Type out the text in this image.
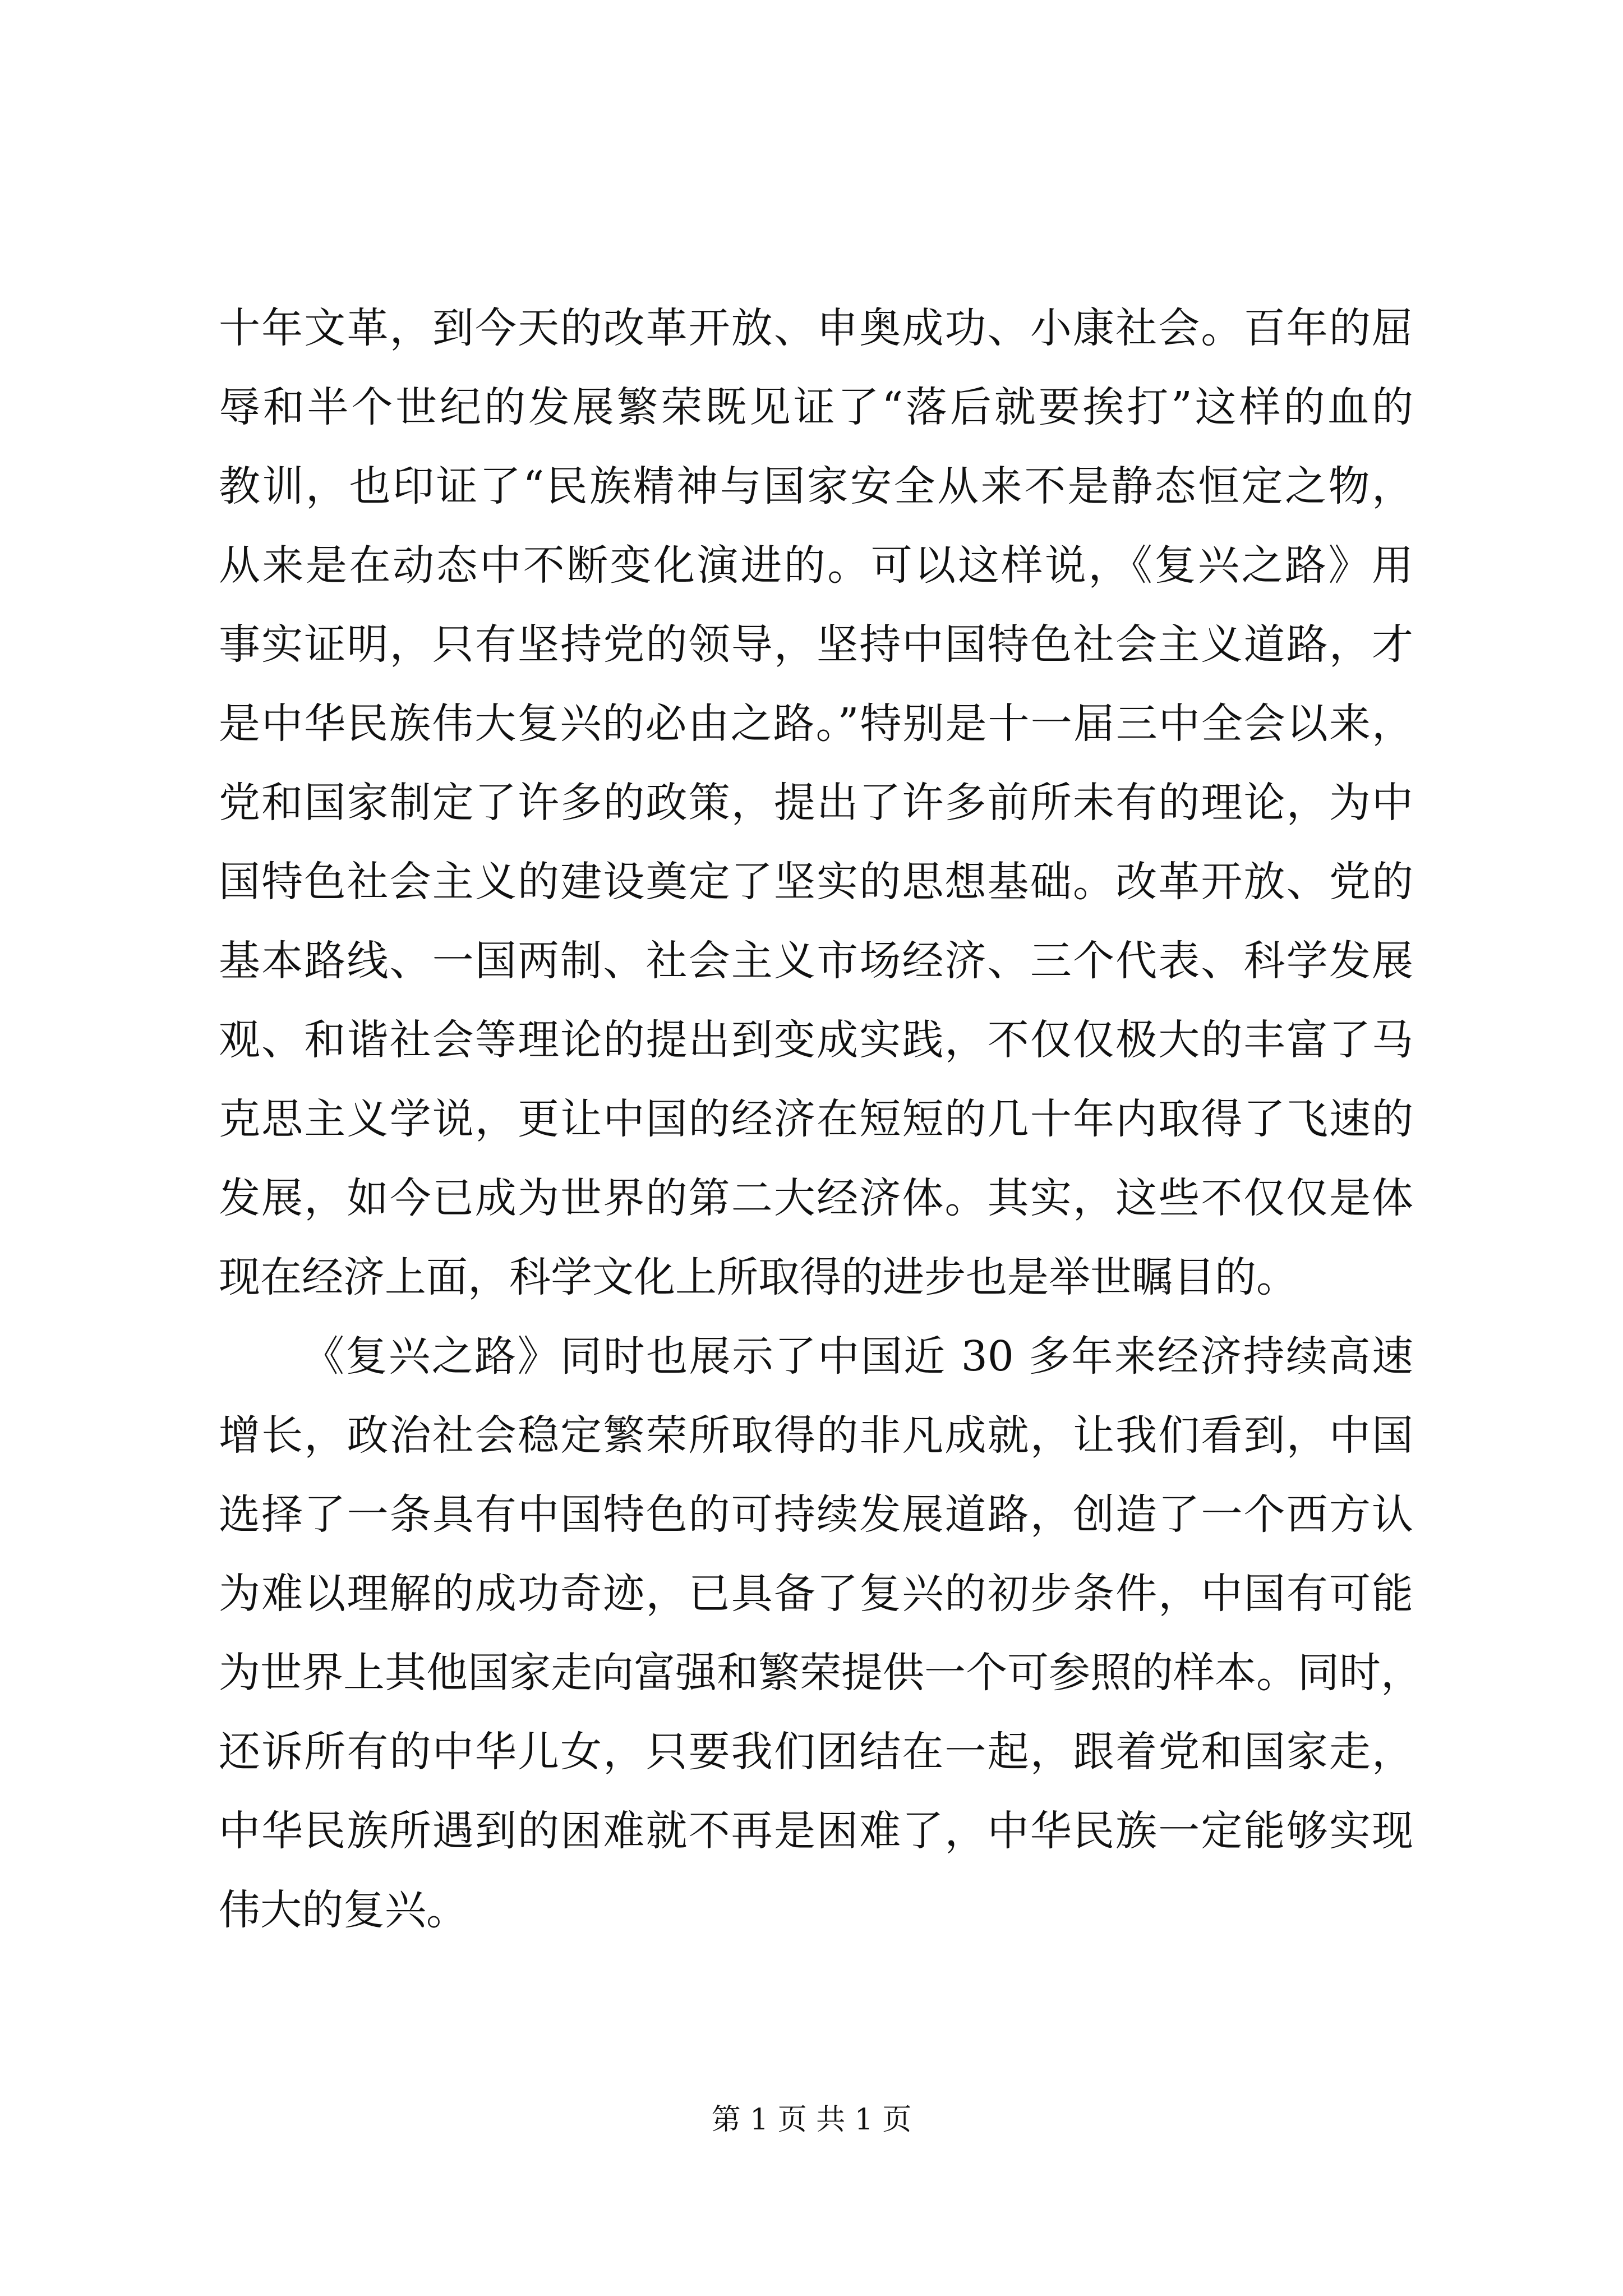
十年文革，到今天的改革开放、申奥成功、小康社会。百年的屈
辱和半个世纪的发展繁荣既见证了“落后就要挨打”这样的血的
教训，也印证了“民族精神与国家安全从来不是静态恒定之物，
从来是在动态中不断变化演进的。可以这样说，《复兴之路》用
事实证明，只有坚持党的领导，坚持中国特色社会主义道路，才
是中华民族伟大复兴的必由之路。”特别是十一届三中全会以来，
党和国家制定了许多的政策，提出了许多前所未有的理论，为中
国特色社会主义的建设奠定了坚实的思想基础。改革开放、党的
基本路线、一国两制、社会主义市场经济、三个代表、科学发展
观、和谐社会等理论的提出到变成实践，不仅仅极大的丰富了马
克思主义学说，更让中国的经济在短短的几十年内取得了飞速的
发展，如今已成为世界的第二大经济体。其实，这些不仅仅是体
现在经济上面，科学文化上所取得的进步也是举世瞩目的。
《复兴之路》同时也展示了中国近 30 多年来经济持续高速
增长，政治社会稳定繁荣所取得的非凡成就，让我们看到，中国
选择了一条具有中国特色的可持续发展道路，创造了一个西方认
为难以理解的成功奇迹，已具备了复兴的初步条件，中国有可能
为世界上其他国家走向富强和繁荣提供一个可参照的样本。同时，
还诉所有的中华儿女，只要我们团结在一起，跟着党和国家走，
中华民族所遇到的困难就不再是困难了，中华民族一定能够实现
伟大的复兴。
第 1 页 共 1 页
